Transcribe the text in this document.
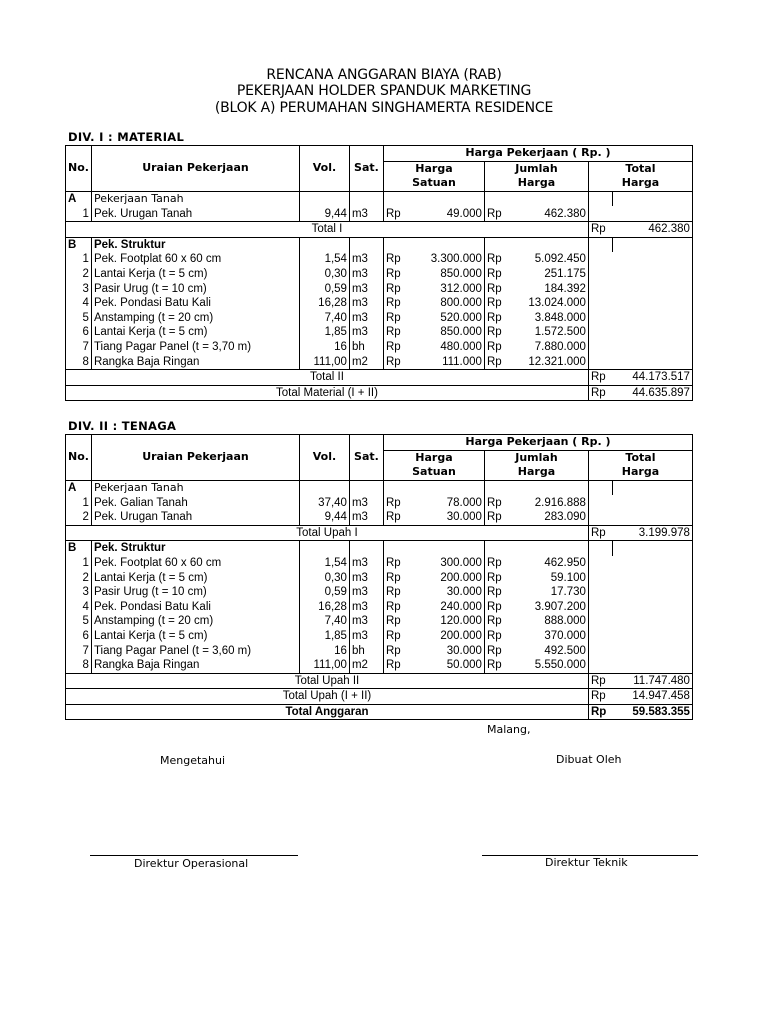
RENCANA ANGGARAN BIAYA (RAB)
PEKERJAAN HOLDER SPANDUK MARKETING
(BLOK A) PERUMAHAN SINGHAMERTA RESIDENCE
DIV. I : MATERIAL
No.	Uraian Pekerjaan	Vol.	Sat.	Harga Pekerjaan ( Rp. )					
				Harga		Jumlah		Total	
				Satuan		Harga		Harga	
A	Pekerjaan Tanah								
1	Pek. Urugan Tanah	9,44	m3	Rp	49.000	Rp	462.380		
Total I								Rp	462.380
B	Pek. Struktur								
1	Pek. Footplat 60 x 60 cm	1,54	m3	Rp	3.300.000	Rp	5.092.450		
2	Lantai Kerja (t = 5 cm)	0,30	m3	Rp	850.000	Rp	251.175		
3	Pasir Urug (t = 10 cm)	0,59	m3	Rp	312.000	Rp	184.392		
4	Pek. Pondasi Batu Kali	16,28	m3	Rp	800.000	Rp	13.024.000		
5	Anstamping (t = 20 cm)	7,40	m3	Rp	520.000	Rp	3.848.000		
6	Lantai Kerja (t = 5 cm)	1,85	m3	Rp	850.000	Rp	1.572.500		
7	Tiang Pagar Panel (t = 3,70 m)	16	bh	Rp	480.000	Rp	7.880.000		
8	Rangka Baja Ringan	111,00	m2	Rp	111.000	Rp	12.321.000		
Total II								Rp	44.173.517
Total Material (I + II)								Rp	44.635.897
DIV. II : TENAGA
No.	Uraian Pekerjaan	Vol.	Sat.	Harga Pekerjaan ( Rp. )					
				Harga		Jumlah		Total	
				Satuan		Harga		Harga	
A	Pekerjaan Tanah								
1	Pek. Galian Tanah	37,40	m3	Rp	78.000	Rp	2.916.888		
2	Pek. Urugan Tanah	9,44	m3	Rp	30.000	Rp	283.090		
Total Upah I								Rp	3.199.978
B	Pek. Struktur								
1	Pek. Footplat 60 x 60 cm	1,54	m3	Rp	300.000	Rp	462.950		
2	Lantai Kerja (t = 5 cm)	0,30	m3	Rp	200.000	Rp	59.100		
3	Pasir Urug (t = 10 cm)	0,59	m3	Rp	30.000	Rp	17.730		
4	Pek. Pondasi Batu Kali	16,28	m3	Rp	240.000	Rp	3.907.200		
5	Anstamping (t = 20 cm)	7,40	m3	Rp	120.000	Rp	888.000		
6	Lantai Kerja (t = 5 cm)	1,85	m3	Rp	200.000	Rp	370.000		
7	Tiang Pagar Panel (t = 3,60 m)	16	bh	Rp	30.000	Rp	492.500		
8	Rangka Baja Ringan	111,00	m2	Rp	50.000	Rp	5.550.000		
Total Upah II								Rp	11.747.480
Total Upah (I + II)								Rp	14.947.458
Total Anggaran								Rp	59.583.355
Malang,
Mengetahui	Dibuat Oleh
Direktur Operasional	Direktur Teknik
